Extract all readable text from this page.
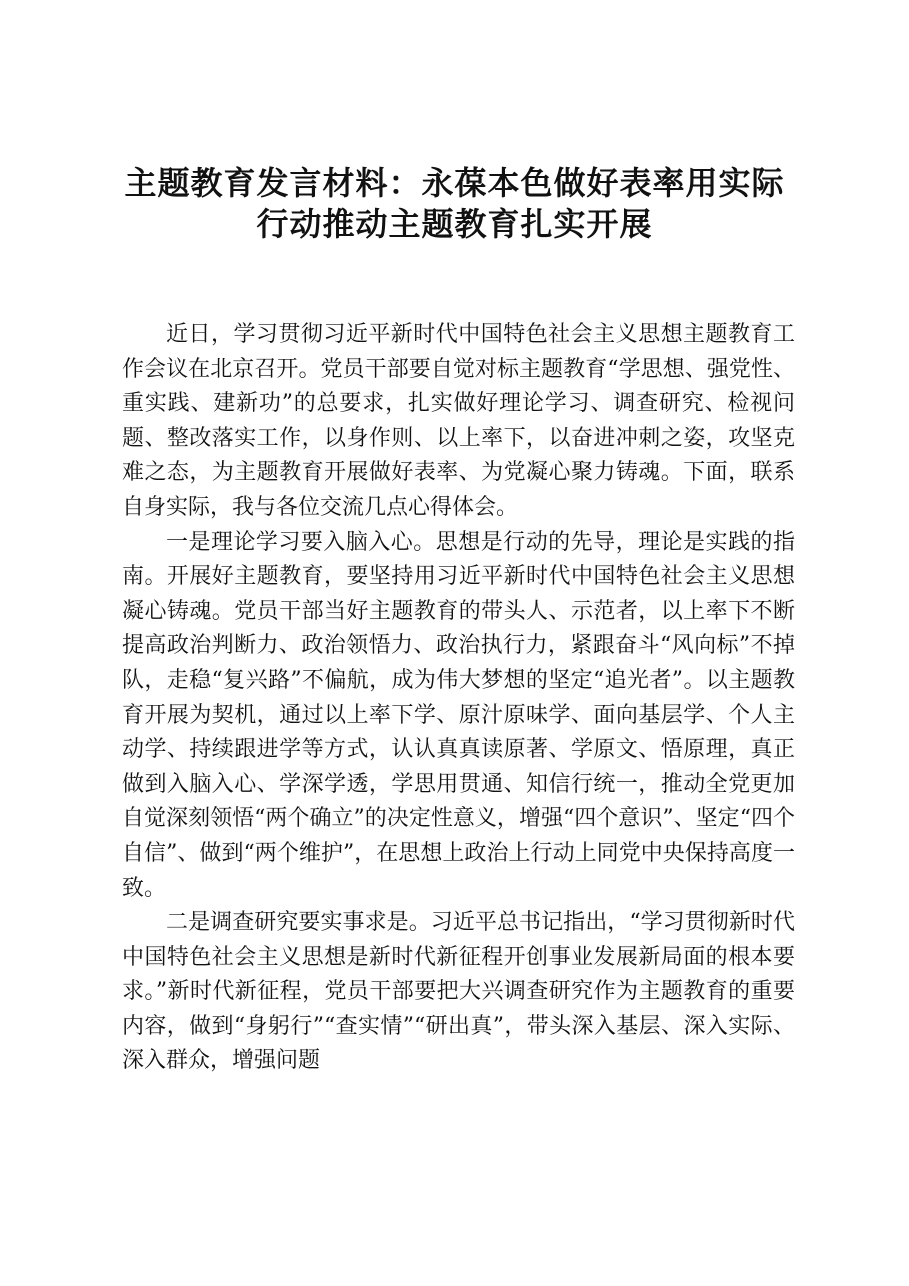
主题教育发言材料：永葆本色做好表率用实际
行动推动主题教育扎实开展

近日，学习贯彻习近平新时代中国特色社会主义思想主题教育工作会议在北京召开。党员干部要自觉对标主题教育“学思想、强党性、重实践、建新功”的总要求，扎实做好理论学习、调查研究、检视问题、整改落实工作，以身作则、以上率下，以奋进冲刺之姿，攻坚克难之态，为主题教育开展做好表率、为党凝心聚力铸魂。下面，联系自身实际，我与各位交流几点心得体会。

一是理论学习要入脑入心。思想是行动的先导，理论是实践的指南。开展好主题教育，要坚持用习近平新时代中国特色社会主义思想凝心铸魂。党员干部当好主题教育的带头人、示范者，以上率下不断提高政治判断力、政治领悟力、政治执行力，紧跟奋斗“风向标”不掉队，走稳“复兴路”不偏航，成为伟大梦想的坚定“追光者”。以主题教育开展为契机，通过以上率下学、原汁原味学、面向基层学、个人主动学、持续跟进学等方式，认认真真读原著、学原文、悟原理，真正做到入脑入心、学深学透，学思用贯通、知信行统一，推动全党更加自觉深刻领悟“两个确立”的决定性意义，增强“四个意识”、坚定“四个自信”、做到“两个维护”，在思想上政治上行动上同党中央保持高度一致。

二是调查研究要实事求是。习近平总书记指出，“学习贯彻新时代中国特色社会主义思想是新时代新征程开创事业发展新局面的根本要求。”新时代新征程，党员干部要把大兴调查研究作为主题教育的重要内容，做到“身躬行”“查实情”“研出真”，带头深入基层、深入实际、深入群众，增强问题
